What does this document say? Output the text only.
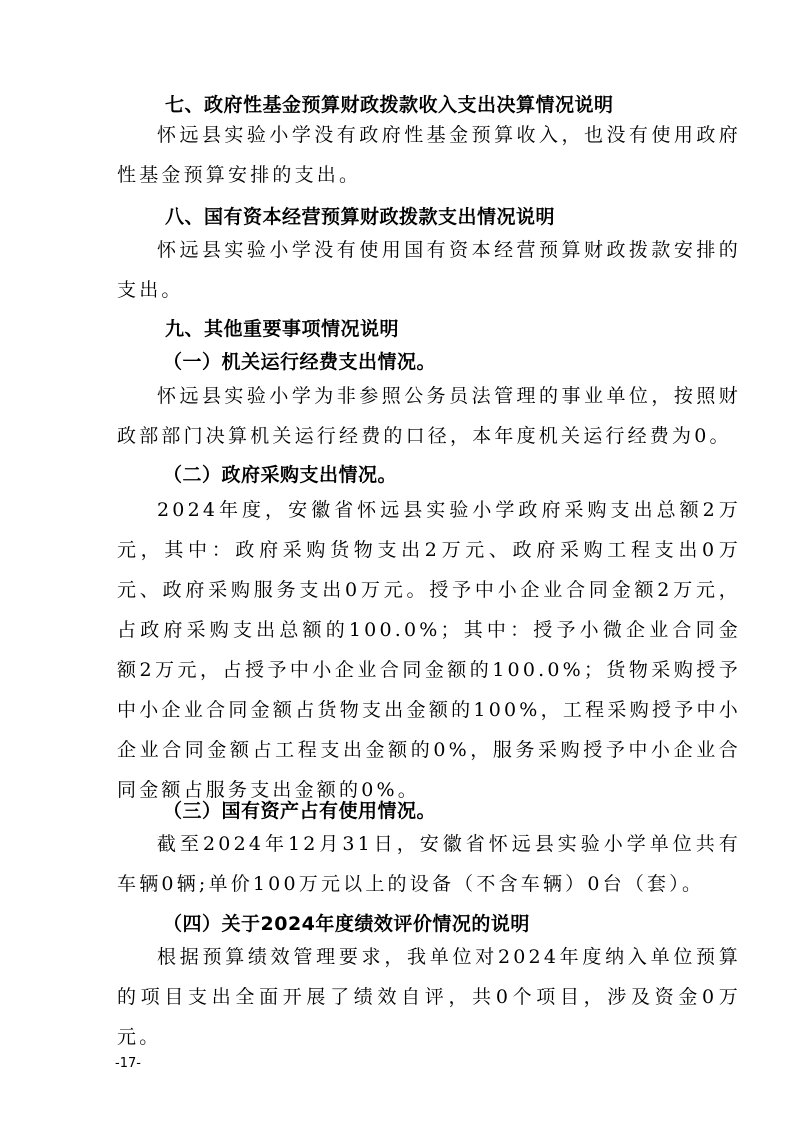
七、政府性基金预算财政拨款收入支出决算情况说明
怀远县实验小学没有政府性基金预算收入，也没有使用政府性基金预算安排的支出。
八、国有资本经营预算财政拨款支出情况说明
怀远县实验小学没有使用国有资本经营预算财政拨款安排的支出。
九、其他重要事项情况说明
（一）机关运行经费支出情况。
怀远县实验小学为非参照公务员法管理的事业单位，按照财政部部门决算机关运行经费的口径，本年度机关运行经费为0。
（二）政府采购支出情况。
2024年度，安徽省怀远县实验小学政府采购支出总额2万元，其中：政府采购货物支出2万元、政府采购工程支出0万元、政府采购服务支出0万元。授予中小企业合同金额2万元，占政府采购支出总额的100.0%；其中：授予小微企业合同金额2万元，占授予中小企业合同金额的100.0%；货物采购授予中小企业合同金额占货物支出金额的100%，工程采购授予中小企业合同金额占工程支出金额的0%，服务采购授予中小企业合同金额占服务支出金额的0%。
（三）国有资产占有使用情况。
截至2024年12月31日，安徽省怀远县实验小学单位共有车辆0辆;单价100万元以上的设备（不含车辆）0台（套）。
（四）关于2024年度绩效评价情况的说明
根据预算绩效管理要求，我单位对2024年度纳入单位预算的项目支出全面开展了绩效自评，共0个项目，涉及资金0万元。
-17-
